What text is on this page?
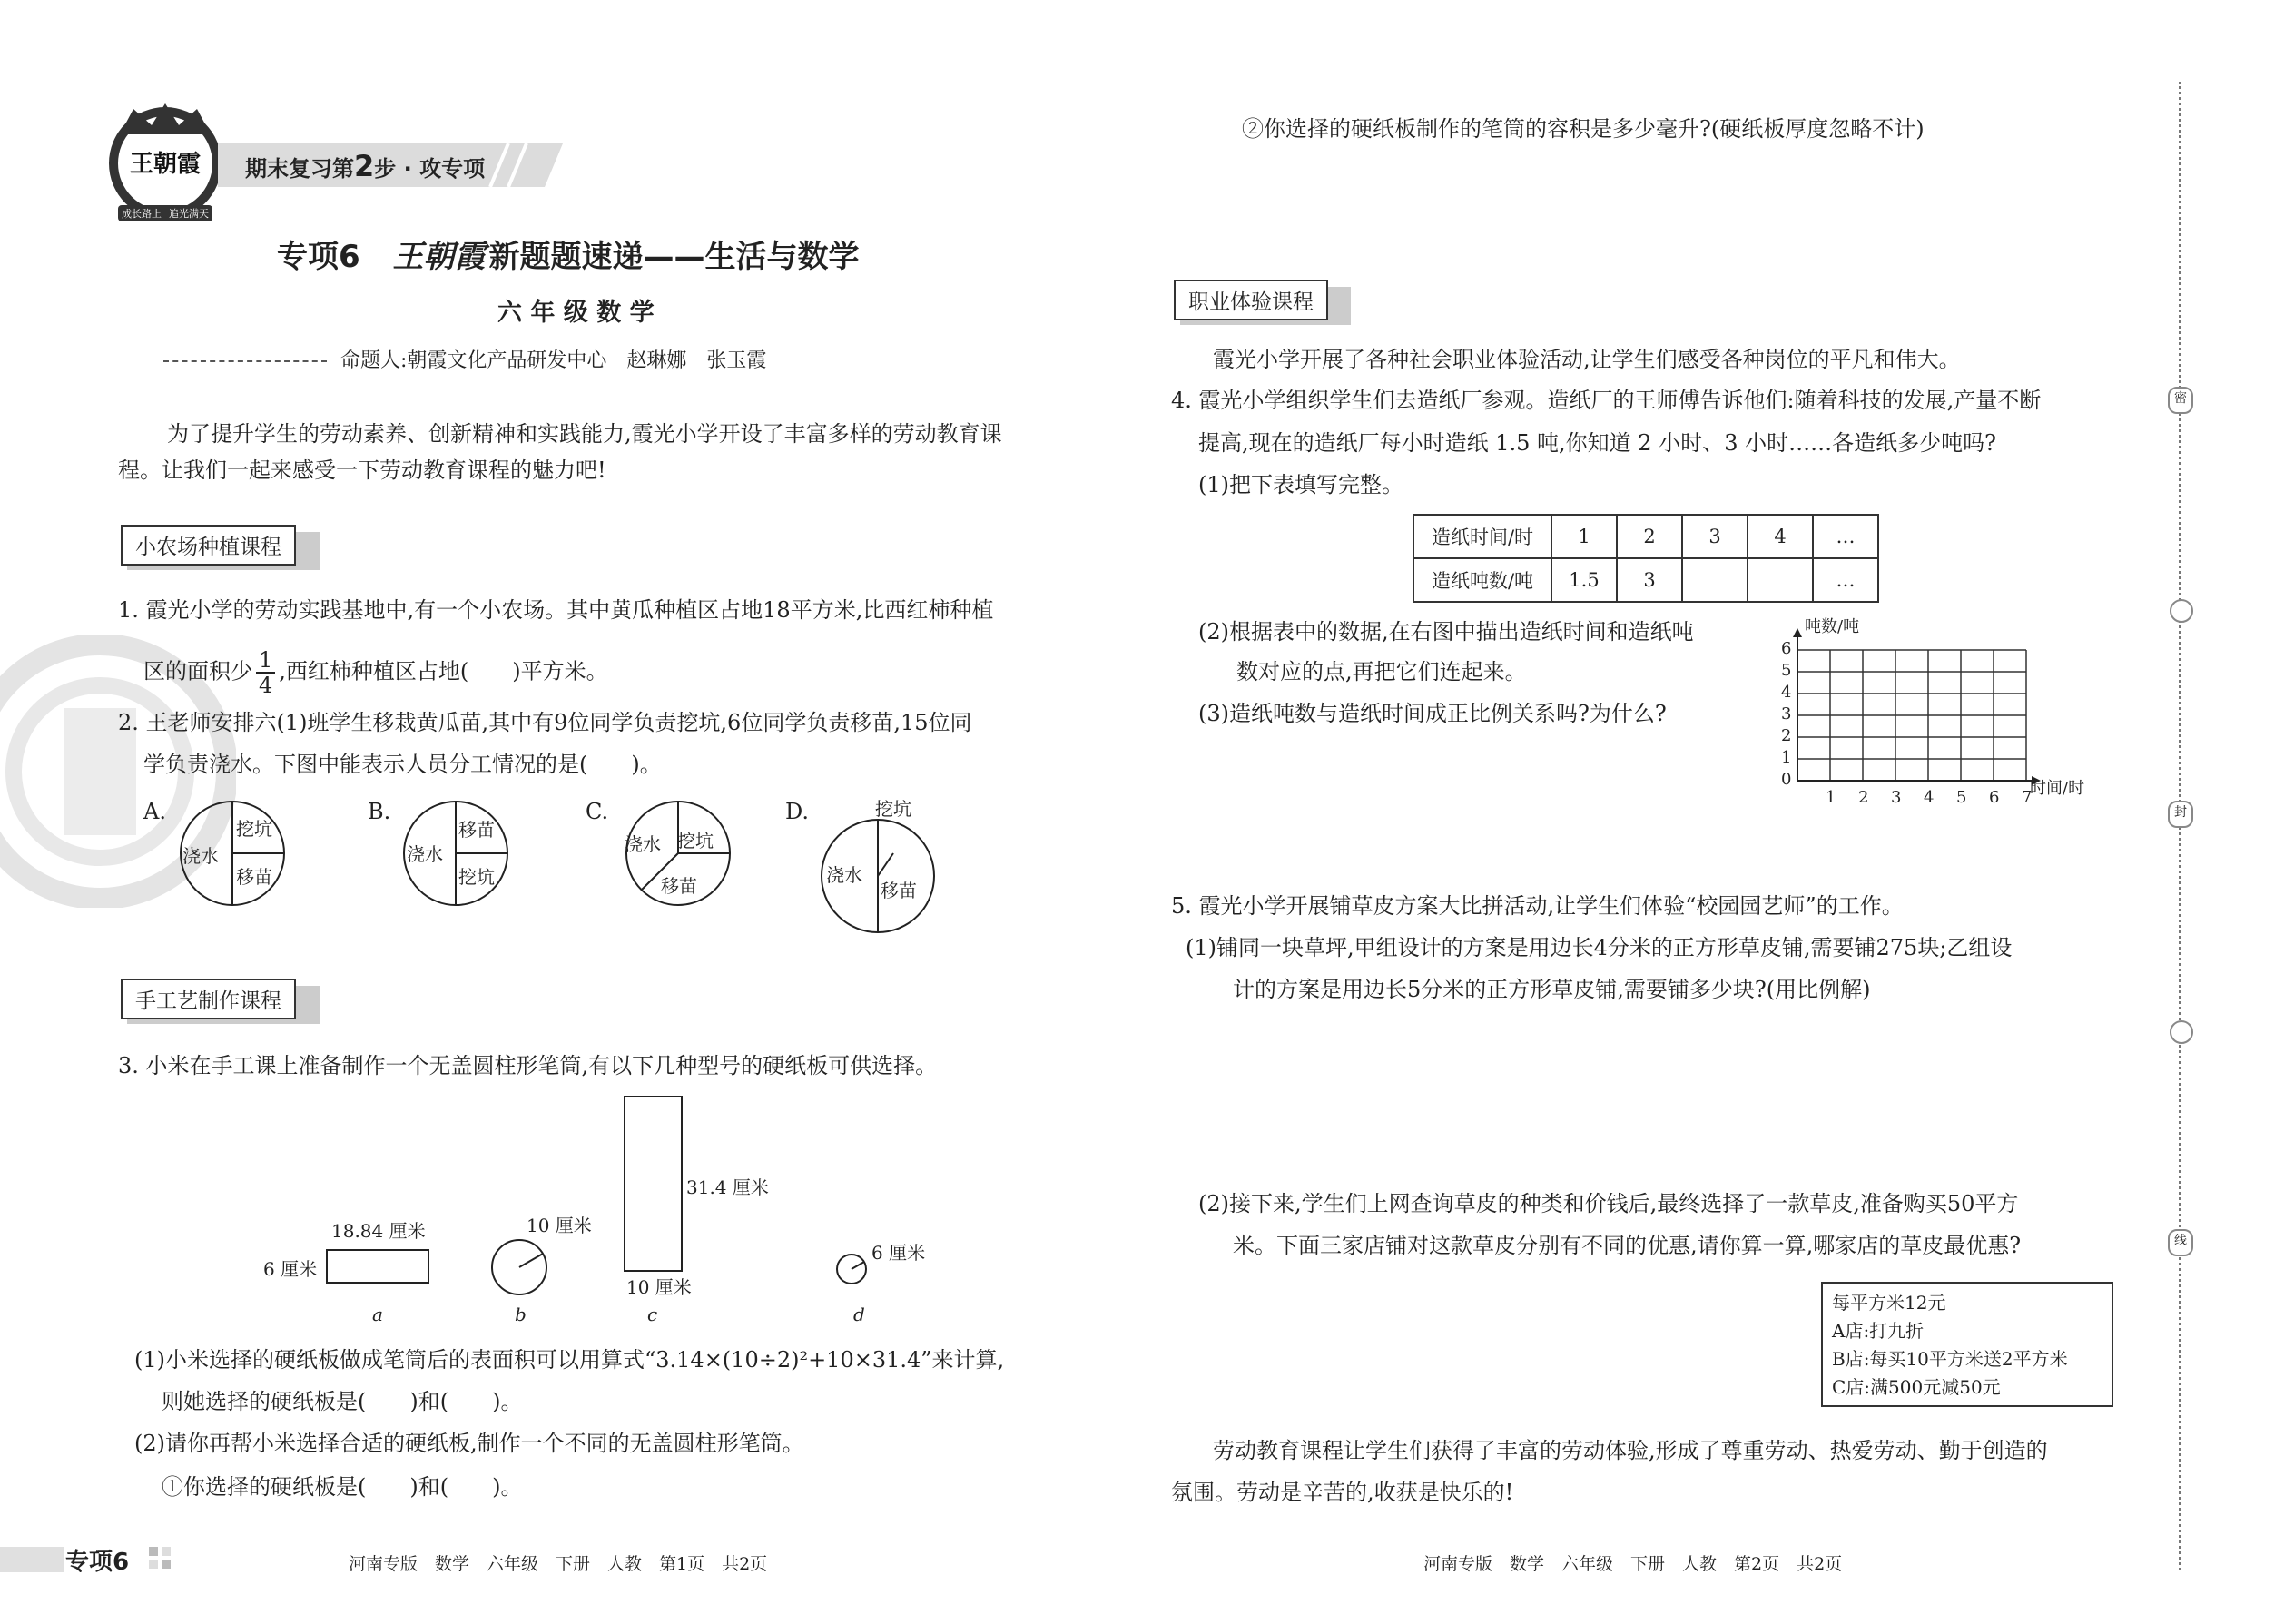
王朝霞
成长路上 追光满天
期末复习第2步 · 攻专项
专项6 王朝霞 新题题速递——生活与数学
六 年 级 数 学
命题人:朝霞文化产品研发中心　赵琳娜　张玉霞
为了提升学生的劳动素养、创新精神和实践能力,霞光小学开设了丰富多样的劳动教育课
程。让我们一起来感受一下劳动教育课程的魅力吧!
小农场种植课程
1. 霞光小学的劳动实践基地中,有一个小农场。其中黄瓜种植区占地18平方米,比西红柿种植
区的面积少 $\frac{1}{4}$ ,西红柿种植区占地(　　)平方米。
2. 王老师安排六(1)班学生移栽黄瓜苗,其中有9位同学负责挖坑,6位同学负责移苗,15位同
学负责浇水。下图中能表示人员分工情况的是(　　)。
A.
浇水
挖坑
移苗
B.
浇水
移苗
挖坑
C.
浇水 挖坑
移苗
D.	挖坑
浇水
移苗
手工艺制作课程
3. 小米在手工课上准备制作一个无盖圆柱形笔筒,有以下几种型号的硬纸板可供选择。
18.84 厘米
6 厘米
a
10 厘米
b
31.4 厘米
10 厘米
c
6 厘米
d
(1)小米选择的硬纸板做成笔筒后的表面积可以用算式“3.14×(10÷2)²+10×31.4”来计算,
则她选择的硬纸板是(　　)和(　　)。
(2)请你再帮小米选择合适的硬纸板,制作一个不同的无盖圆柱形笔筒。
①你选择的硬纸板是(　　)和(　　)。
专项6	河南专版　数学　六年级　下册　人教　第1页　共2页
②你选择的硬纸板制作的笔筒的容积是多少毫升?(硬纸板厚度忽略不计)
职业体验课程
霞光小学开展了各种社会职业体验活动,让学生们感受各种岗位的平凡和伟大。
4. 霞光小学组织学生们去造纸厂参观。造纸厂的王师傅告诉他们:随着科技的发展,产量不断
提高,现在的造纸厂每小时造纸 1.5 吨,你知道 2 小时、3 小时……各造纸多少吨吗?
(1)把下表填写完整。
造纸时间/时	1	2	3	4	…
造纸吨数/吨	1.5	3			…
(2)根据表中的数据,在右图中描出造纸时间和造纸吨
数对应的点,再把它们连起来。
(3)造纸吨数与造纸时间成正比例关系吗?为什么?
吨数/吨
时间/时
0
1
2
3
4
5
6
1 2 3 4 5 6 7
5. 霞光小学开展铺草皮方案大比拼活动,让学生们体验“校园园艺师”的工作。
(1)铺同一块草坪,甲组设计的方案是用边长4分米的正方形草皮铺,需要铺275块;乙组设
计的方案是用边长5分米的正方形草皮铺,需要铺多少块?(用比例解)
(2)接下来,学生们上网查询草皮的种类和价钱后,最终选择了一款草皮,准备购买50平方
米。下面三家店铺对这款草皮分别有不同的优惠,请你算一算,哪家店的草皮最优惠?
每平方米12元
A店:打九折
B店:每买10平方米送2平方米
C店:满500元减50元
劳动教育课程让学生们获得了丰富的劳动体验,形成了尊重劳动、热爱劳动、勤于创造的
氛围。劳动是辛苦的,收获是快乐的!
河南专版　数学　六年级　下册　人教　第2页　共2页
密
封
线
